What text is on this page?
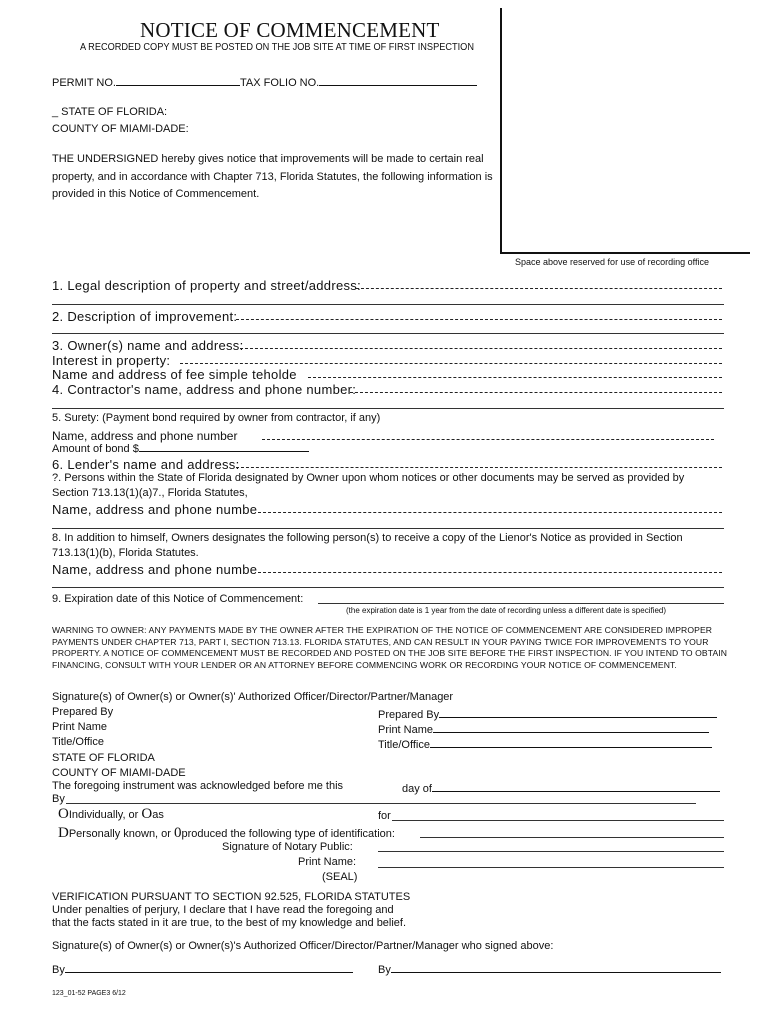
NOTICE OF COMMENCEMENT
A RECORDED COPY MUST BE POSTED ON THE JOB SITE AT TIME OF FIRST INSPECTION
PERMIT NO.	TAX FOLIO NO.
_ STATE OF FLORIDA:
COUNTY OF MIAMI-DADE:
THE UNDERSIGNED hereby gives notice that improvements will be made to certain real property, and in accordance with Chapter 713, Florida Statutes, the following information is provided in this Notice of Commencement.
Space above reserved for use of recording office
1. Legal description of property and street/address:
2. Description of improvement:
3. Owner(s) name and address:
Interest in property:
Name and address of fee simple teholde
4. Contractor's name, address and phone number:
5. Surety: (Payment bond required by owner from contractor, if any)
Name, address and phone number
Amount of bond $
6. Lender's name and address:
?. Persons within the State of Florida designated by Owner upon whom notices or other documents may be served as provided by
Section 713.13(1)(a)7., Florida Statutes,
Name, address and phone numbe
8. In addition to himself, Owners designates the following person(s) to receive a copy of the Lienor's Notice as provided in Section
713.13(1)(b), Florida Statutes.
Name, address and phone numbe
9. Expiration date of this Notice of Commencement:
(the expiration date is 1 year from the date of recording unless a different date is specified)
WARNING TO OWNER: ANY PAYMENTS MADE BY THE OWNER AFTER THE EXPIRATION OF THE NOTICE OF COMMENCEMENT ARE CONSIDERED IMPROPER PAYMENTS UNDER CHAPTER 713, PART I, SECTION 713.13. FLORIDA STATUTES, AND CAN RESULT IN YOUR PAYING TWICE FOR IMPROVEMENTS TO YOUR PROPERTY. A NOTICE OF COMMENCEMENT MUST BE RECORDED AND POSTED ON THE JOB SITE BEFORE THE FIRST INSPECTION. IF YOU INTEND TO OBTAIN FINANCING, CONSULT WITH YOUR LENDER OR AN ATTORNEY BEFORE COMMENCING WORK OR RECORDING YOUR NOTICE OF COMMENCEMENT.
Signature(s) of Owner(s) or Owner(s)' Authorized Officer/Director/Partner/Manager
Prepared By
Print Name
Title/Office
Prepared By
Print Name
Title/Office
STATE OF FLORIDA
COUNTY OF MIAMI-DADE
The foregoing instrument was acknowledged before me this	day of
By
OIndividually, or Oas	for
DPersonally known, or 0produced the following type of identification:
Signature of Notary Public:
Print Name:
(SEAL)
VERIFICATION PURSUANT TO SECTION 92.525, FLORIDA STATUTES
Under penalties of perjury, I declare that I have read the foregoing and
that the facts stated in it are true, to the best of my knowledge and belief.
Signature(s) of Owner(s) or Owner(s)'s Authorized Officer/Director/Partner/Manager who signed above:
By	By
123_01-52 PAGE3 6/12
